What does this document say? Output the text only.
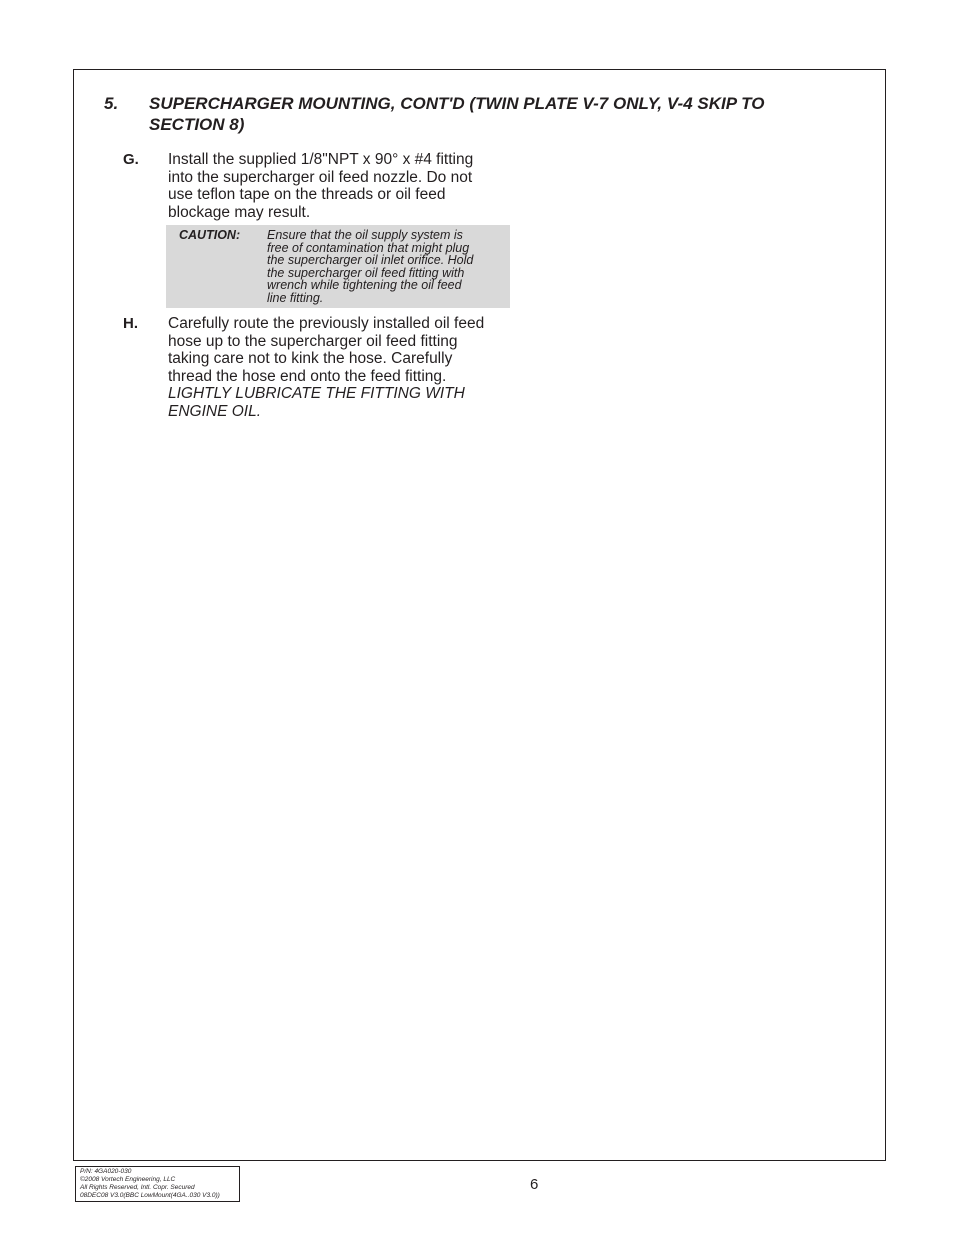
5. SUPERCHARGER MOUNTING, CONT'D (TWIN PLATE V-7 ONLY, V-4 SKIP TO
SECTION 8)
G. Install the supplied 1/8"NPT x 90° x #4 fitting
into the supercharger oil feed nozzle. Do not
use teflon tape on the threads or oil feed
blockage may result.

CAUTION: Ensure that the oil supply system is
free of contamination that might plug
the supercharger oil inlet orifice. Hold
the supercharger oil feed fitting with
wrench while tightening the oil feed
line fitting.
H. Carefully route the previously installed oil feed
hose up to the supercharger oil feed fitting
taking care not to kink the hose. Carefully
thread the hose end onto the feed fitting.
LIGHTLY LUBRICATE THE FITTING WITH
ENGINE OIL.

P/N: 4GA020-030
©2008 Vortech Engineering, LLC
All Rights Reserved, Intl. Copr. Secured
08DEC08 V3.0(BBC LowMount(4GA..030 V3.0))
6
